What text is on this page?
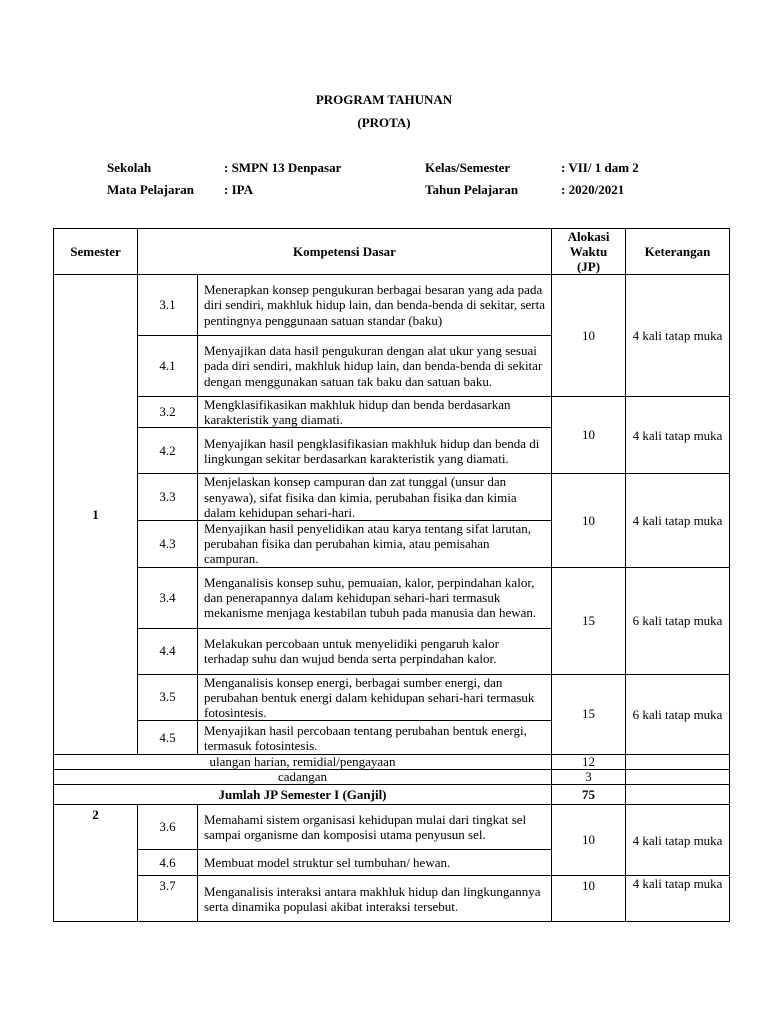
PROGRAM TAHUNAN
(PROTA)
Sekolah	: SMPN 13 Denpasar	Kelas/Semester	: VII/ 1 dam 2
Mata Pelajaran : IPA	Tahun Pelajaran	: 2020/2021
Semester	Kompetensi Dasar		Alokasi
Waktu
(JP)	Keterangan
1	3.1	Menerapkan konsep pengukuran berbagai besaran yang ada pada diri sendiri, makhluk hidup lain, dan benda-benda di sekitar, serta pentingnya penggunaan satuan standar (baku)	10	4 kali tatap muka
	4.1	Menyajikan data hasil pengukuran dengan alat ukur yang sesuai pada diri sendiri, makhluk hidup lain, dan benda-benda di sekitar dengan menggunakan satuan tak baku dan satuan baku.		
	3.2	Mengklasifikasikan makhluk hidup dan benda berdasarkan karakteristik yang diamati.	10	4 kali tatap muka
	4.2	Menyajikan hasil pengklasifikasian makhluk hidup dan benda di lingkungan sekitar berdasarkan karakteristik yang diamati.		
	3.3	Menjelaskan konsep campuran dan zat tunggal (unsur dan senyawa), sifat fisika dan kimia, perubahan fisika dan kimia dalam kehidupan sehari-hari.	10	4 kali tatap muka
	4.3	Menyajikan hasil penyelidikan atau karya tentang sifat larutan, perubahan fisika dan perubahan kimia, atau pemisahan campuran.		
	3.4	Menganalisis konsep suhu, pemuaian, kalor, perpindahan kalor, dan penerapannya dalam kehidupan sehari-hari termasuk mekanisme menjaga kestabilan tubuh pada manusia dan hewan.	15	6 kali tatap muka
	4.4	Melakukan percobaan untuk menyelidiki pengaruh kalor terhadap suhu dan wujud benda serta perpindahan kalor.		
	3.5	Menganalisis konsep energi, berbagai sumber energi, dan perubahan bentuk energi dalam kehidupan sehari-hari termasuk fotosintesis.	15	6 kali tatap muka
	4.5	Menyajikan hasil percobaan tentang perubahan bentuk energi, termasuk fotosintesis.		
ulangan harian, remidial/pengayaan			12	
cadangan			3	
Jumlah JP Semester I (Ganjil)			75	
2	3.6	Memahami sistem organisasi kehidupan mulai dari tingkat sel sampai organisme dan komposisi utama penyusun sel.	10	4 kali tatap muka
	4.6	Membuat model struktur sel tumbuhan/ hewan.		
	3.7	Menganalisis interaksi antara makhluk hidup dan lingkungannya serta dinamika populasi akibat interaksi tersebut.	10	4 kali tatap muka
